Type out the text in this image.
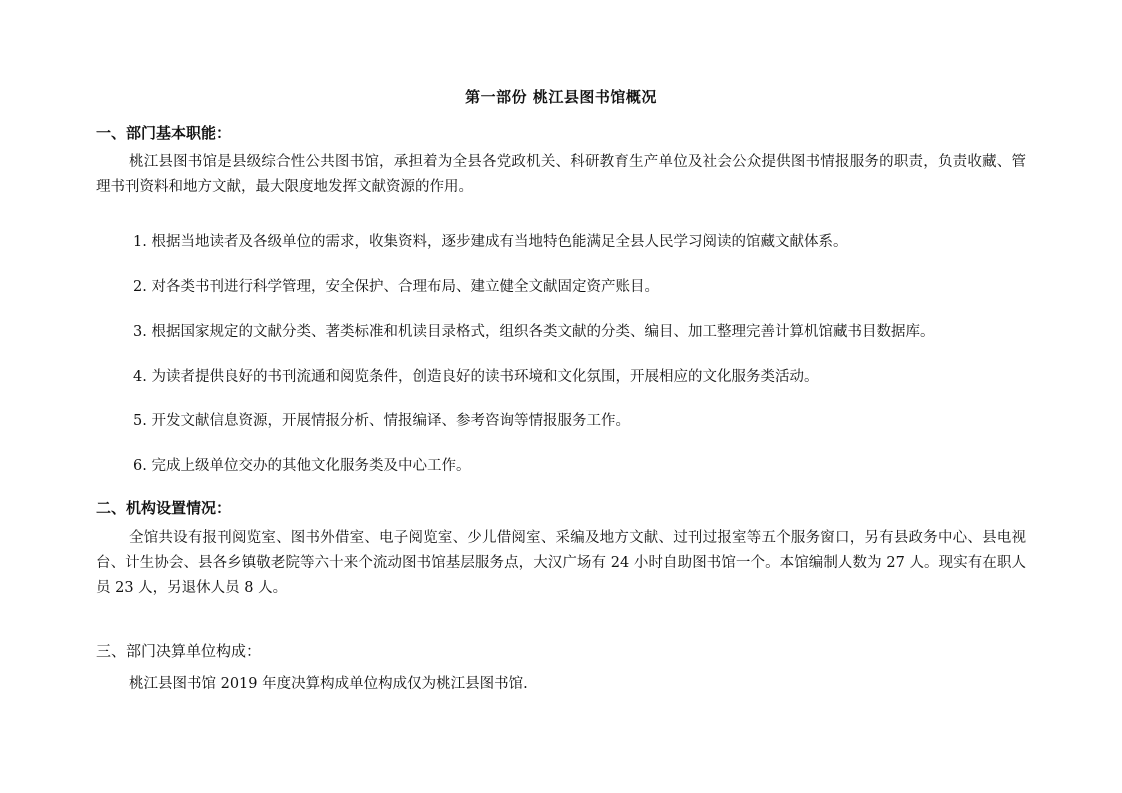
第一部份 桃江县图书馆概况
一、部门基本职能：
桃江县图书馆是县级综合性公共图书馆，承担着为全县各党政机关、科研教育生产单位及社会公众提供图书情报服务的职责，负责收藏、管理书刊资料和地方文献，最大限度地发挥文献资源的作用。
1. 根据当地读者及各级单位的需求，收集资料，逐步建成有当地特色能满足全县人民学习阅读的馆藏文献体系。
2. 对各类书刊进行科学管理，安全保护、合理布局、建立健全文献固定资产账目。
3. 根据国家规定的文献分类、著类标准和机读目录格式，组织各类文献的分类、编目、加工整理完善计算机馆藏书目数据库。
4. 为读者提供良好的书刊流通和阅览条件，创造良好的读书环境和文化氛围，开展相应的文化服务类活动。
5. 开发文献信息资源，开展情报分析、情报编译、参考咨询等情报服务工作。
6. 完成上级单位交办的其他文化服务类及中心工作。
二、机构设置情况：
全馆共设有报刊阅览室、图书外借室、电子阅览室、少儿借阅室、采编及地方文献、过刊过报室等五个服务窗口，另有县政务中心、县电视台、计生协会、县各乡镇敬老院等六十来个流动图书馆基层服务点，大汉广场有 24 小时自助图书馆一个。本馆编制人数为 27 人。现实有在职人员 23 人，另退休人员 8 人。
三、部门决算单位构成：
桃江县图书馆 2019 年度决算构成单位构成仅为桃江县图书馆.
